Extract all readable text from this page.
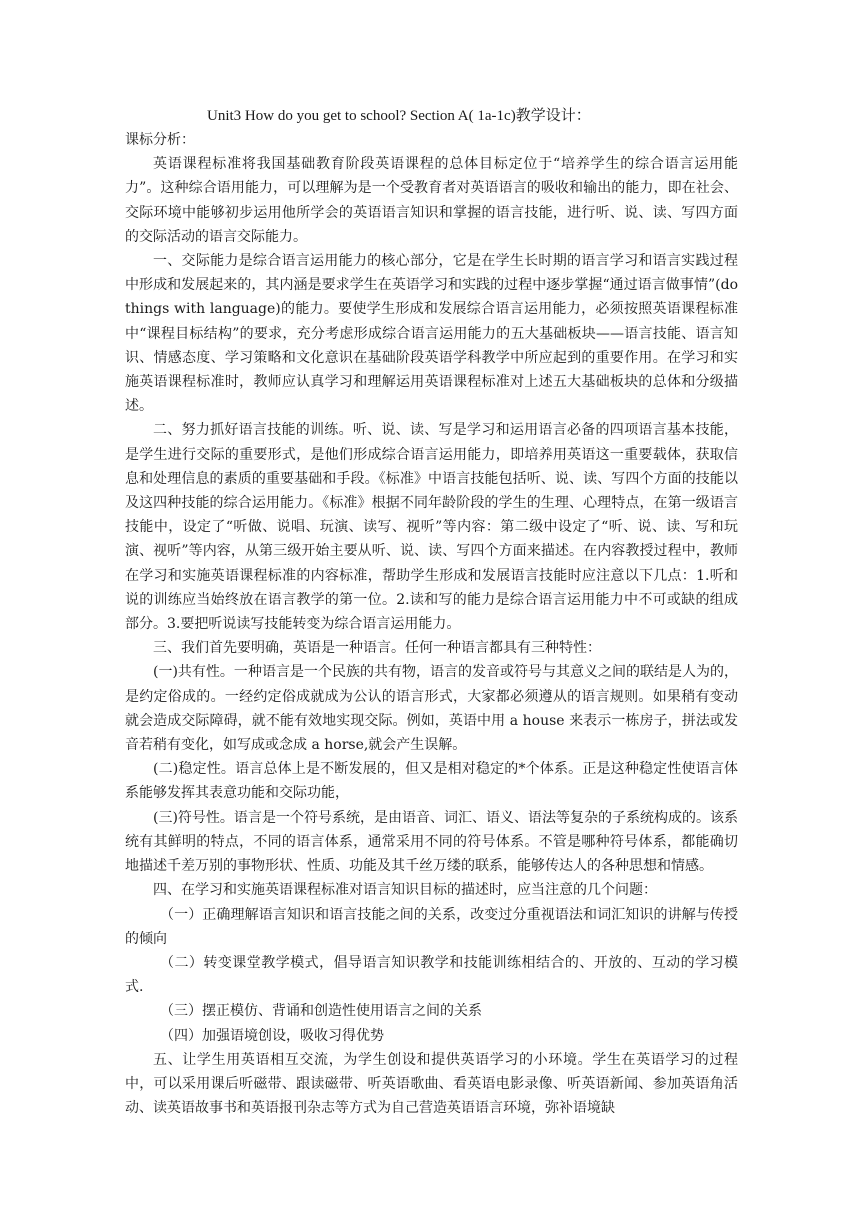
Unit3 How do you get to school? Section A( 1a-1c)教学设计：

课标分析：

英语课程标准将我国基础教育阶段英语课程的总体目标定位于“培养学生的综合语言运用能力”。这种综合语用能力，可以理解为是一个受教育者对英语语言的吸收和输出的能力，即在社会、交际环境中能够初步运用他所学会的英语语言知识和掌握的语言技能，进行听、说、读、写四方面的交际活动的语言交际能力。

一、交际能力是综合语言运用能力的核心部分，它是在学生长时期的语言学习和语言实践过程中形成和发展起来的，其内涵是要求学生在英语学习和实践的过程中逐步掌握“通过语言做事情”(do things with language)的能力。要使学生形成和发展综合语言运用能力，必须按照英语课程标准中“课程目标结构”的要求，充分考虑形成综合语言运用能力的五大基础板块——语言技能、语言知识、情感态度、学习策略和文化意识在基础阶段英语学科教学中所应起到的重要作用。在学习和实施英语课程标准时，教师应认真学习和理解运用英语课程标准对上述五大基础板块的总体和分级描述。

二、努力抓好语言技能的训练。听、说、读、写是学习和运用语言必备的四项语言基本技能，是学生进行交际的重要形式，是他们形成综合语言运用能力，即培养用英语这一重要载体，获取信息和处理信息的素质的重要基础和手段。《标准》中语言技能包括听、说、读、写四个方面的技能以及这四种技能的综合运用能力。《标准》根据不同年龄阶段的学生的生理、心理特点，在第一级语言技能中，设定了“听做、说唱、玩演、读写、视听”等内容：第二级中设定了“听、说、读、写和玩演、视听”等内容，从第三级开始主要从听、说、读、写四个方面来描述。在内容教授过程中，教师在学习和实施英语课程标准的内容标准，帮助学生形成和发展语言技能时应注意以下几点：1.听和说的训练应当始终放在语言教学的第一位。2.读和写的能力是综合语言运用能力中不可或缺的组成部分。3.要把听说读写技能转变为综合语言运用能力。

三、我们首先要明确，英语是一种语言。任何一种语言都具有三种特性：

(一)共有性。一种语言是一个民族的共有物，语言的发音或符号与其意义之间的联结是人为的，是约定俗成的。一经约定俗成就成为公认的语言形式，大家都必须遵从的语言规则。如果稍有变动就会造成交际障碍，就不能有效地实现交际。例如，英语中用 a house 来表示一栋房子，拼法或发音若稍有变化，如写成或念成 a horse,就会产生误解。

(二)稳定性。语言总体上是不断发展的，但又是相对稳定的*个体系。正是这种稳定性使语言体系能够发挥其表意功能和交际功能，

(三)符号性。语言是一个符号系统，是由语音、词汇、语义、语法等复杂的子系统构成的。该系统有其鲜明的特点，不同的语言体系，通常采用不同的符号体系。不管是哪种符号体系，都能确切地描述千差万别的事物形状、性质、功能及其千丝万缕的联系，能够传达人的各种思想和情感。

四、在学习和实施英语课程标准对语言知识目标的描述时，应当注意的几个问题：

（一）正确理解语言知识和语言技能之间的关系，改变过分重视语法和词汇知识的讲解与传授的倾向

（二）转变课堂教学模式，倡导语言知识教学和技能训练相结合的、开放的、互动的学习模式.

（三）摆正模仿、背诵和创造性使用语言之间的关系

（四）加强语境创设，吸收习得优势

五、让学生用英语相互交流，为学生创设和提供英语学习的小环境。学生在英语学习的过程中，可以采用课后听磁带、跟读磁带、听英语歌曲、看英语电影录像、听英语新闻、参加英语角活动、读英语故事书和英语报刊杂志等方式为自己营造英语语言环境，弥补语境缺
